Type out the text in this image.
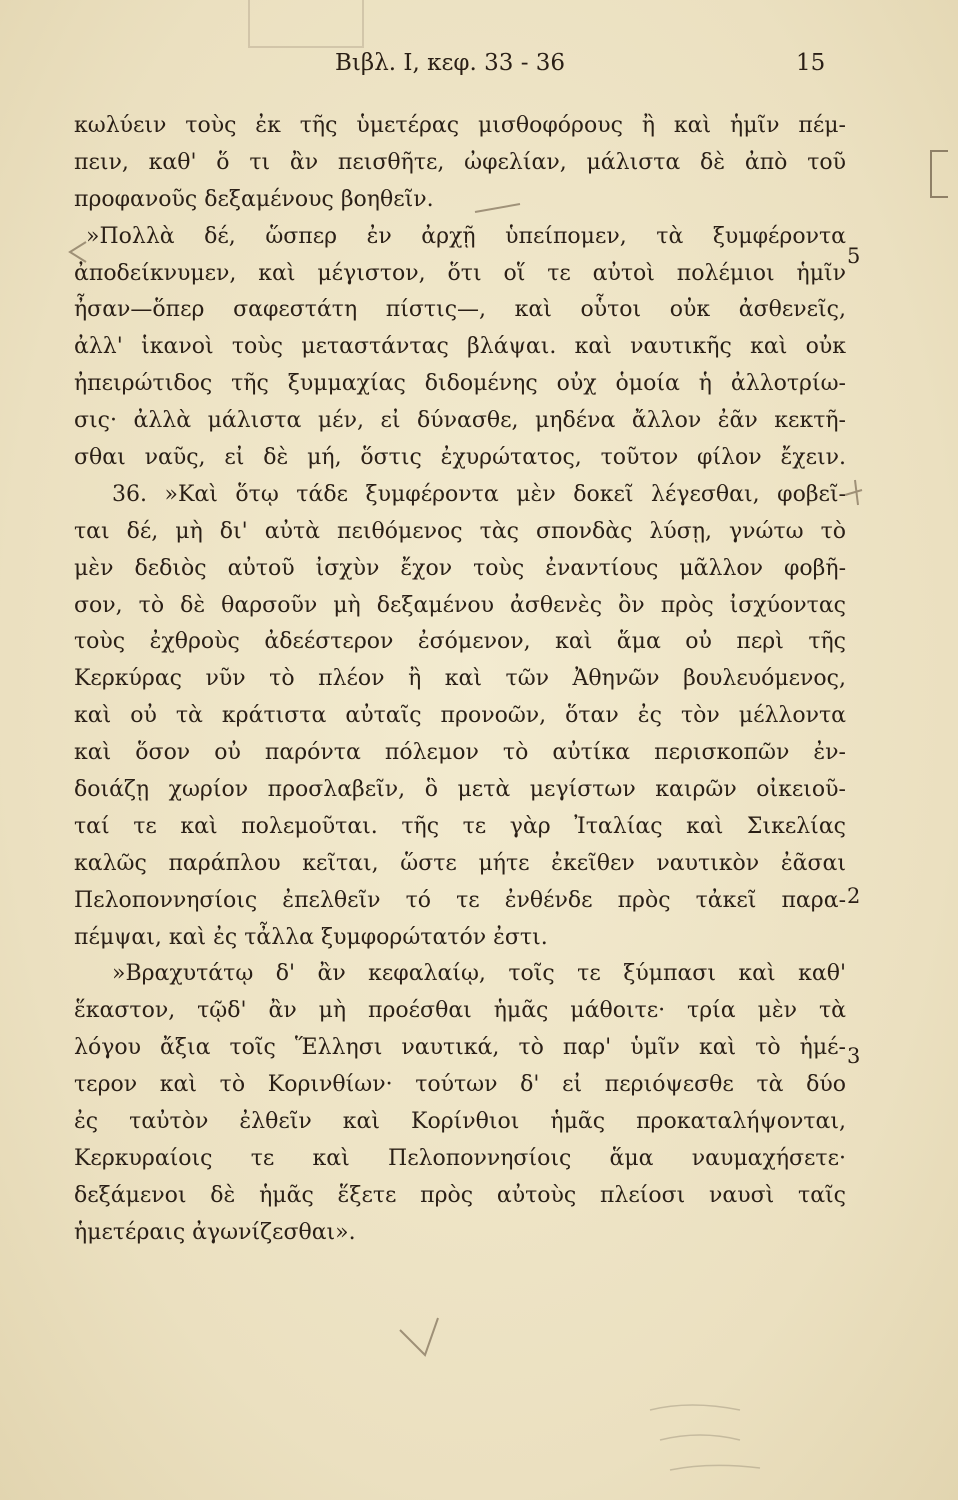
Βιβλ. Ι, κεφ. 33 - 36	15
κωλύειν τοὺς ἐκ τῆς ὑμετέρας μισθοφόρους ἢ καὶ ἡμῖν πέμ-
πειν, καθ' ὅ τι ἂν πεισθῆτε, ὠφελίαν, μάλιστα δὲ ἀπὸ τοῦ
προφανοῦς δεξαμένους βοηθεῖν.
»Πολλὰ δέ, ὥσπερ ἐν ἀρχῇ ὑπείπομεν, τὰ ξυμφέροντα
ἀποδείκνυμεν, καὶ μέγιστον, ὅτι οἵ τε αὐτοὶ πολέμιοι ἡμῖν
ἦσαν—ὅπερ σαφεστάτη πίστις—, καὶ οὗτοι οὐκ ἀσθενεῖς,
ἀλλ' ἱκανοὶ τοὺς μεταστάντας βλάψαι. καὶ ναυτικῆς καὶ οὐκ
ἠπειρώτιδος τῆς ξυμμαχίας διδομένης οὐχ ὁμοία ἡ ἀλλοτρίω-
σις· ἀλλὰ μάλιστα μέν, εἰ δύνασθε, μηδένα ἄλλον ἐᾶν κεκτῆ-
σθαι ναῦς, εἰ δὲ μή, ὅστις ἐχυρώτατος, τοῦτον φίλον ἔχειν.
36. »Καὶ ὅτῳ τάδε ξυμφέροντα μὲν δοκεῖ λέγεσθαι, φοβεῖ-
ται δέ, μὴ δι' αὐτὰ πειθόμενος τὰς σπονδὰς λύσῃ, γνώτω τὸ
μὲν δεδιὸς αὐτοῦ ἰσχὺν ἔχον τοὺς ἐναντίους μᾶλλον φοβῆ-
σον, τὸ δὲ θαρσοῦν μὴ δεξαμένου ἀσθενὲς ὂν πρὸς ἰσχύοντας
τοὺς ἐχθροὺς ἀδεέστερον ἐσόμενον, καὶ ἅμα οὐ περὶ τῆς
Κερκύρας νῦν τὸ πλέον ἢ καὶ τῶν Ἀθηνῶν βουλευόμενος,
καὶ οὐ τὰ κράτιστα αὐταῖς προνοῶν, ὅταν ἐς τὸν μέλλοντα
καὶ ὅσον οὐ παρόντα πόλεμον τὸ αὐτίκα περισκοπῶν ἐν-
δοιάζῃ χωρίον προσλαβεῖν, ὃ μετὰ μεγίστων καιρῶν οἰκειοῦ-
ταί τε καὶ πολεμοῦται. τῆς τε γὰρ Ἰταλίας καὶ Σικελίας
καλῶς παράπλου κεῖται, ὥστε μήτε ἐκεῖθεν ναυτικὸν ἐᾶσαι
Πελοποννησίοις ἐπελθεῖν τό τε ἐνθένδε πρὸς τἀκεῖ παρα-
πέμψαι, καὶ ἐς τἆλλα ξυμφορώτατόν ἐστι.
»Βραχυτάτῳ δ' ἂν κεφαλαίῳ, τοῖς τε ξύμπασι καὶ καθ'
ἕκαστον, τῷδ' ἂν μὴ προέσθαι ἡμᾶς μάθοιτε· τρία μὲν τὰ
λόγου ἄξια τοῖς Ἕλλησι ναυτικά, τὸ παρ' ὑμῖν καὶ τὸ ἡμέ-
τερον καὶ τὸ Κορινθίων· τούτων δ' εἰ περιόψεσθε τὰ δύο
ἐς ταὐτὸν ἐλθεῖν καὶ Κορίνθιοι ἡμᾶς προκαταλήψονται,
Κερκυραίοις τε καὶ Πελοποννησίοις ἅμα ναυμαχήσετε·
δεξάμενοι δὲ ἡμᾶς ἕξετε πρὸς αὐτοὺς πλείοσι ναυσὶ ταῖς
ἡμετέραις ἀγωνίζεσθαι».
5
2
3
